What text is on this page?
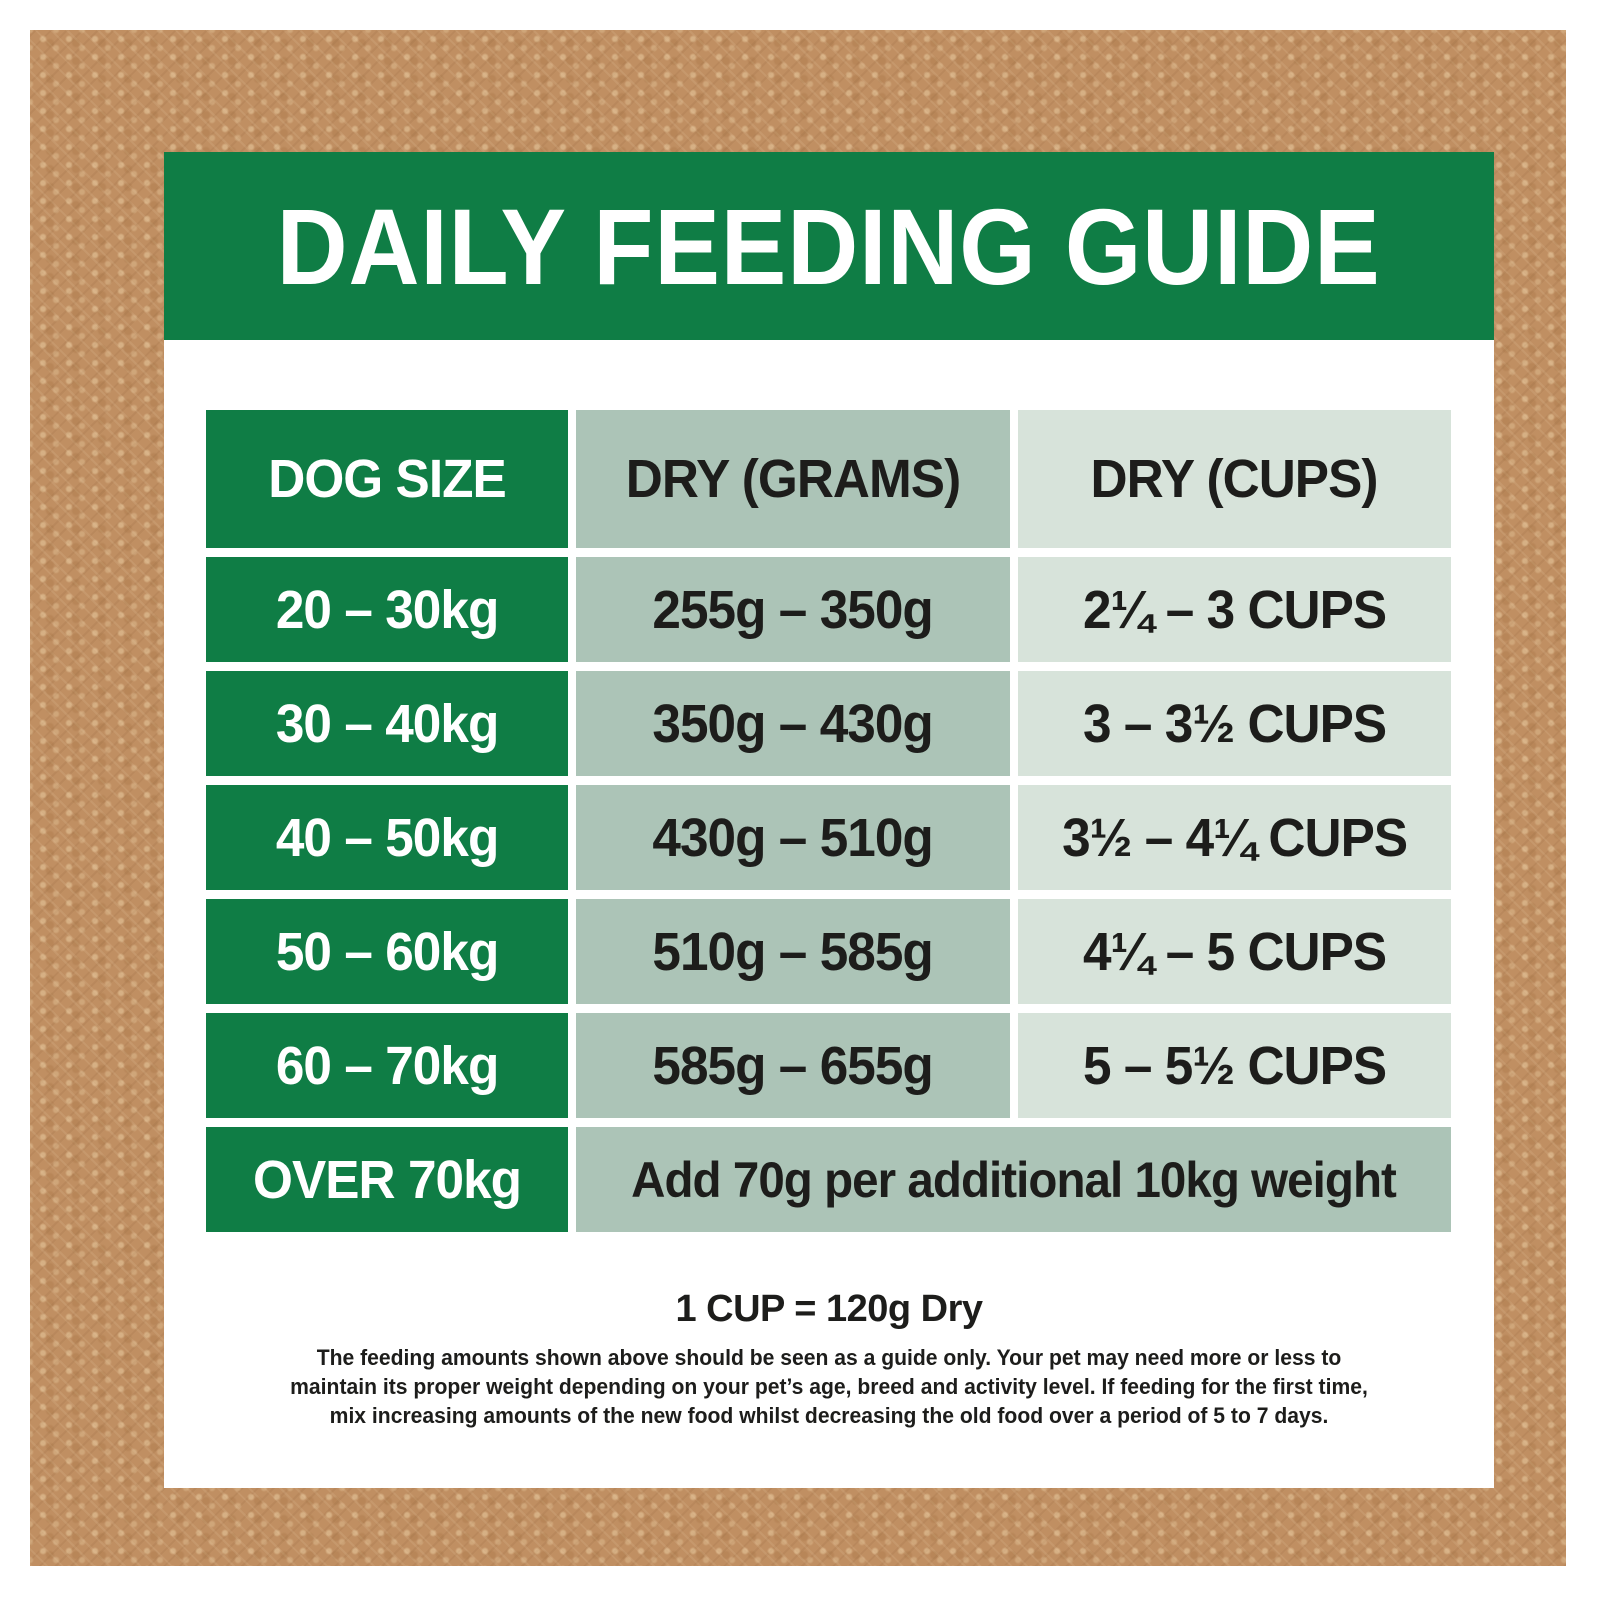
DAILY FEEDING GUIDE
DOG SIZE DRY (GRAMS) DRY (CUPS)
20 – 30kg	255g – 350g	2¼ – 3 CUPS
30 – 40kg	350g – 430g	3 – 3½ CUPS
40 – 50kg	430g – 510g 3½ – 4¼ CUPS
50 – 60kg	510g – 585g	4¼ – 5 CUPS
60 – 70kg	585g – 655g	5 – 5½ CUPS
OVER 70kg Add 70g per additional 10kg weight
1 CUP = 120g Dry
The feeding amounts shown above should be seen as a guide only. Your pet may need more or less to
maintain its proper weight depending on your pet’s age, breed and activity level. If feeding for the first time,
mix increasing amounts of the new food whilst decreasing the old food over a period of 5 to 7 days.
